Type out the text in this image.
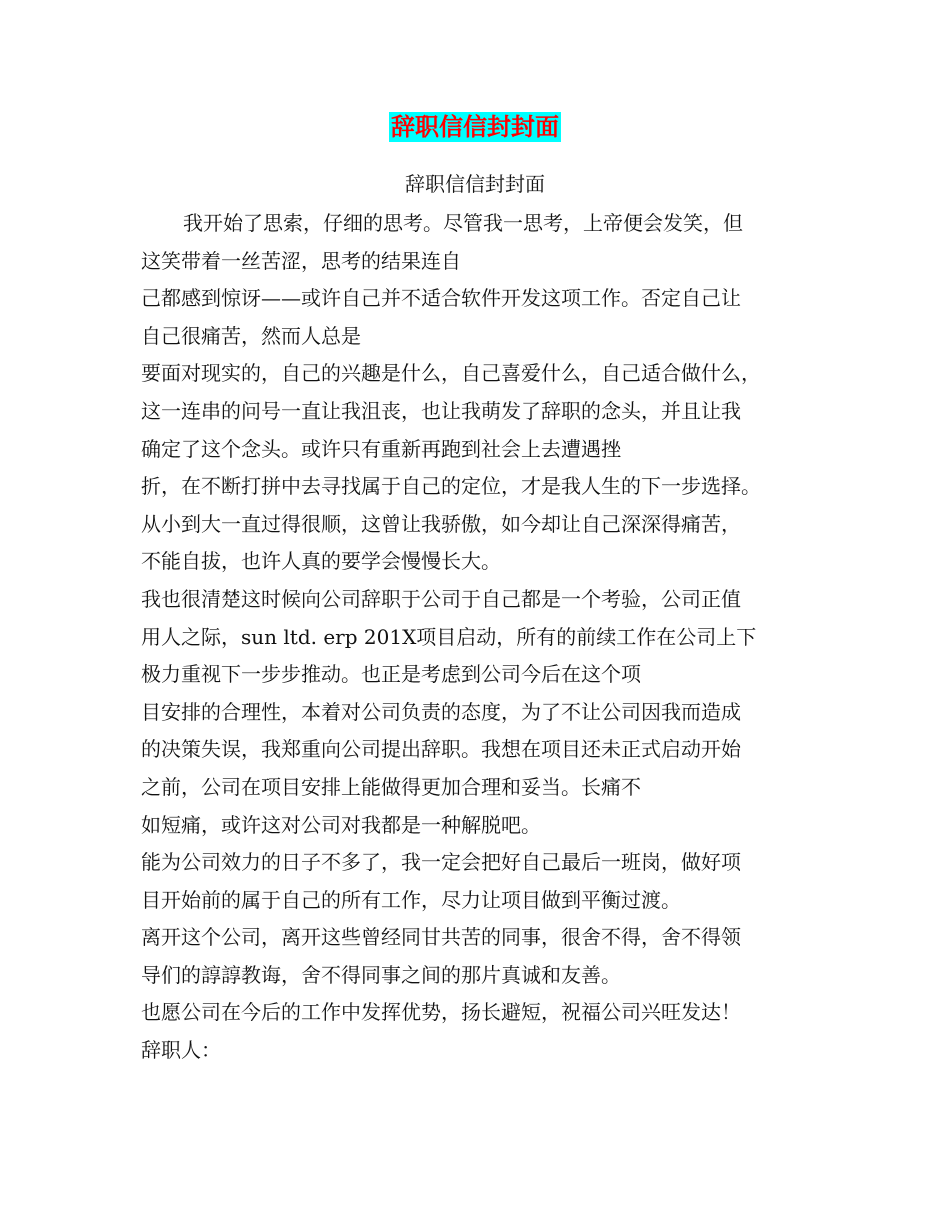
辞职信信封封面
辞职信信封封面
我开始了思索，仔细的思考。尽管我一思考，上帝便会发笑，但
这笑带着一丝苦涩，思考的结果连自
己都感到惊讶——或许自己并不适合软件开发这项工作。否定自己让
自己很痛苦，然而人总是
要面对现实的，自己的兴趣是什么，自己喜爱什么，自己适合做什么，
这一连串的问号一直让我沮丧，也让我萌发了辞职的念头，并且让我
确定了这个念头。或许只有重新再跑到社会上去遭遇挫
折，在不断打拼中去寻找属于自己的定位，才是我人生的下一步选择。
从小到大一直过得很顺，这曾让我骄傲，如今却让自己深深得痛苦，
不能自拔，也许人真的要学会慢慢长大。
我也很清楚这时候向公司辞职于公司于自己都是一个考验，公司正值
用人之际，sun ltd. erp 201X项目启动，所有的前续工作在公司上下
极力重视下一步步推动。也正是考虑到公司今后在这个项
目安排的合理性，本着对公司负责的态度，为了不让公司因我而造成
的决策失误，我郑重向公司提出辞职。我想在项目还未正式启动开始
之前，公司在项目安排上能做得更加合理和妥当。长痛不
如短痛，或许这对公司对我都是一种解脱吧。
能为公司效力的日子不多了，我一定会把好自己最后一班岗，做好项
目开始前的属于自己的所有工作，尽力让项目做到平衡过渡。
离开这个公司，离开这些曾经同甘共苦的同事，很舍不得，舍不得领
导们的諄諄教诲，舍不得同事之间的那片真诚和友善。
也愿公司在今后的工作中发挥优势，扬长避短，祝福公司兴旺发达！
辞职人：
